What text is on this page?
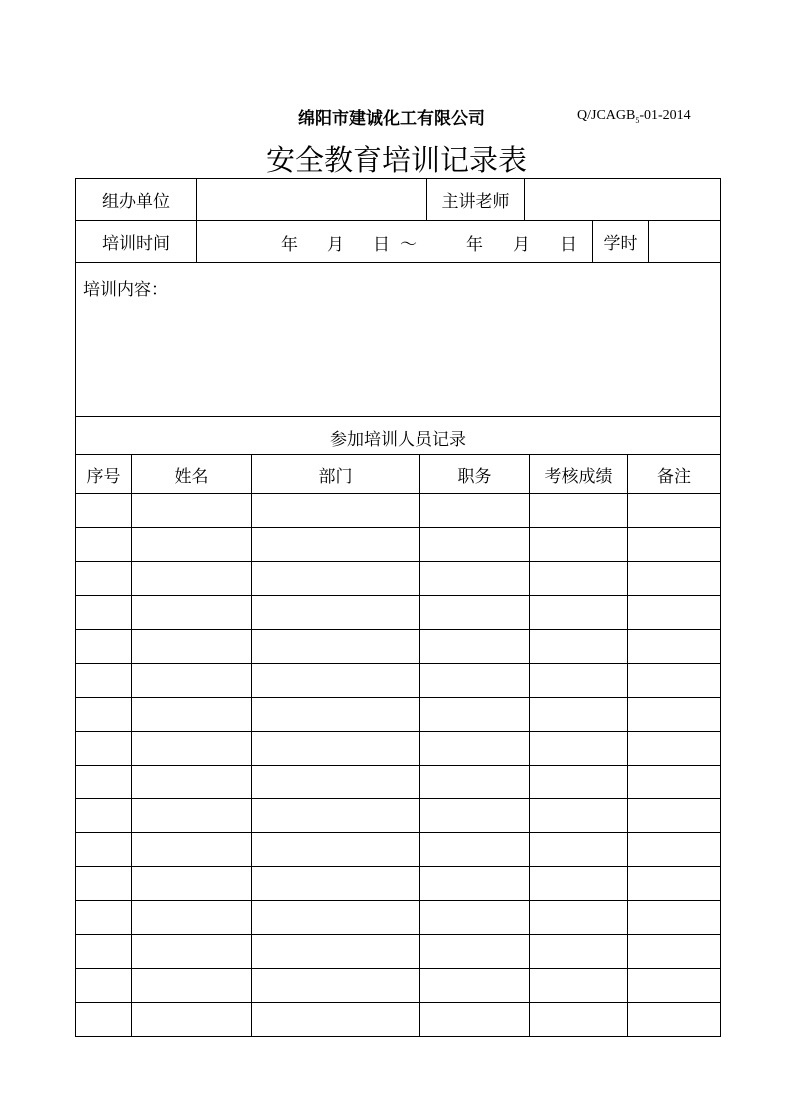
绵阳市建诚化工有限公司	$Q/JCAGB_5-01-2014$
安全教育培训记录表
组办单位	主讲老师
培训时间	年 月 日 ～	年 月 日	学时
培训内容：
参加培训人员记录
序号	姓名	部门	职务	考核成绩	备注
